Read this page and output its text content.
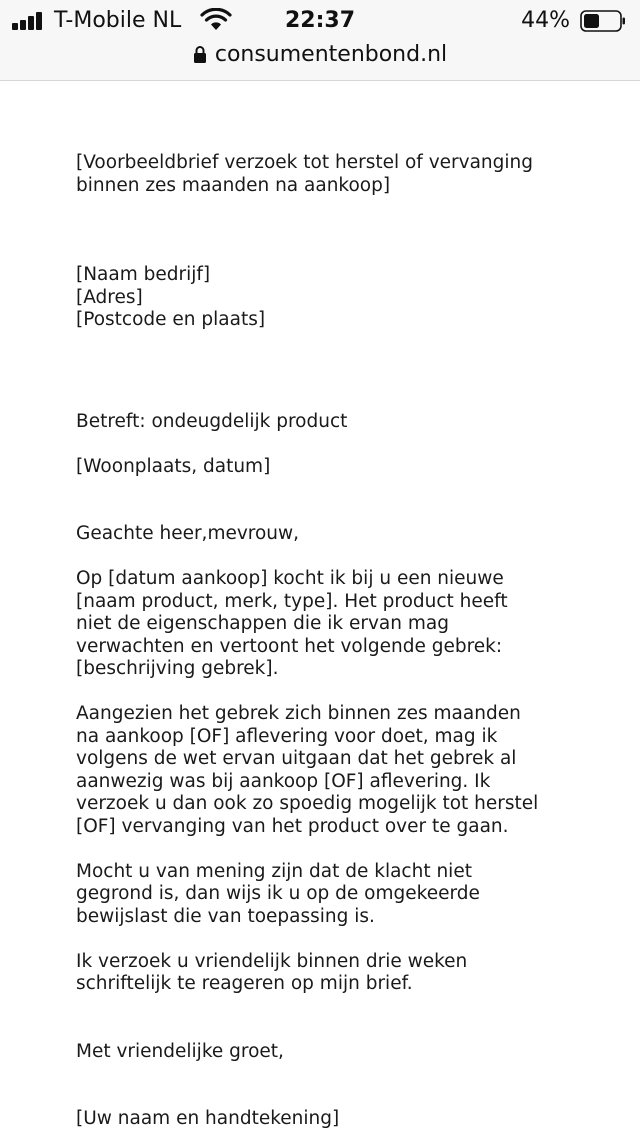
T-Mobile NL	22:37	44%
consumentenbond.nl

[Voorbeeldbrief verzoek tot herstel of vervanging
binnen zes maanden na aankoop]

[Naam bedrijf]
[Adres]
[Postcode en plaats]

Betreft: ondeugdelijk product

[Woonplaats, datum]

Geachte heer,mevrouw,

Op [datum aankoop] kocht ik bij u een nieuwe
[naam product, merk, type]. Het product heeft
niet de eigenschappen die ik ervan mag
verwachten en vertoont het volgende gebrek:
[beschrijving gebrek].

Aangezien het gebrek zich binnen zes maanden
na aankoop [OF] aflevering voor doet, mag ik
volgens de wet ervan uitgaan dat het gebrek al
aanwezig was bij aankoop [OF] aflevering. Ik
verzoek u dan ook zo spoedig mogelijk tot herstel
[OF] vervanging van het product over te gaan.

Mocht u van mening zijn dat de klacht niet
gegrond is, dan wijs ik u op de omgekeerde
bewijslast die van toepassing is.

Ik verzoek u vriendelijk binnen drie weken
schriftelijk te reageren op mijn brief.

Met vriendelijke groet,

[Uw naam en handtekening]
